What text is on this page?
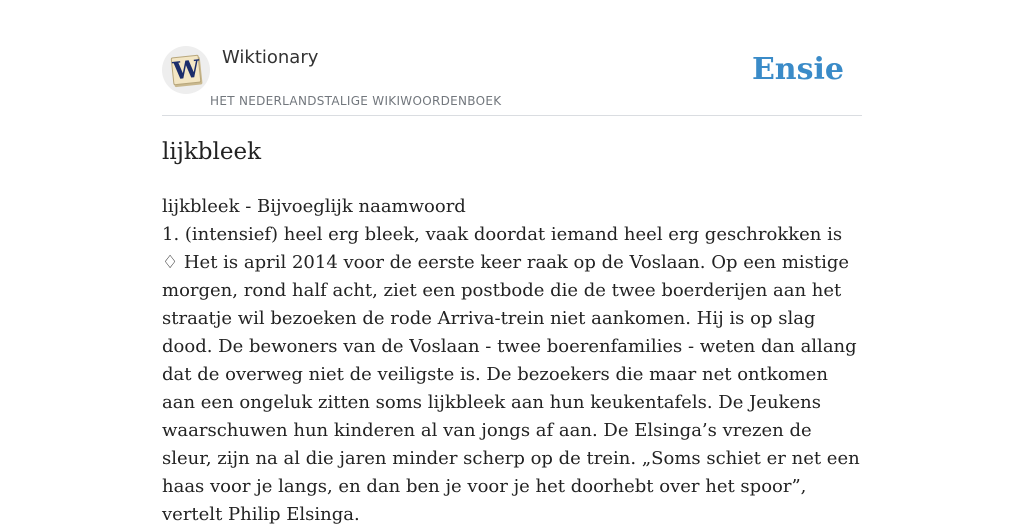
W Wiktionary
HET NEDERLANDSTALIGE WIKIWOORDENBOEK
Ensie
lijkbleek

lijkbleek - Bijvoeglijk naamwoord

1. (intensief) heel erg bleek, vaak doordat iemand heel erg geschrokken is

♢ Het is april 2014 voor de eerste keer raak op de Voslaan. Op een mistige morgen, rond half acht, ziet een postbode die de twee boerderijen aan het straatje wil bezoeken de rode Arriva-trein niet aankomen. Hij is op slag dood. De bewoners van de Voslaan - twee boerenfamilies - weten dan allang dat de overweg niet de veiligste is. De bezoekers die maar net ontkomen aan een ongeluk zitten soms lijkbleek aan hun keukentafels. De Jeukens waarschuwen hun kinderen al van jongs af aan. De Elsinga’s vrezen de sleur, zijn na al die jaren minder scherp op de trein. „Soms schiet er net een haas voor je langs, en dan ben je voor je het doorhebt over het spoor”, vertelt Philip Elsinga.
